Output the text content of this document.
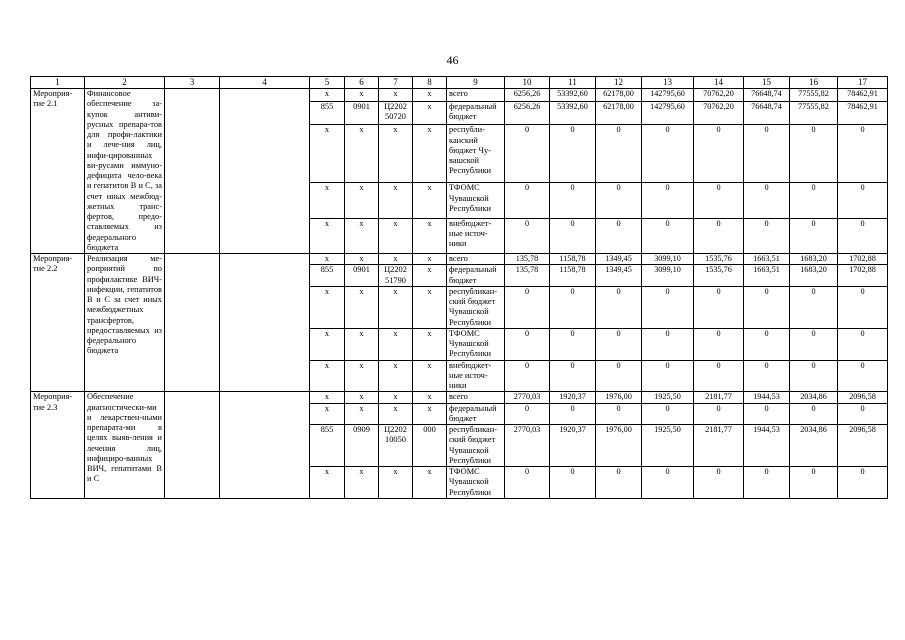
46
1	2	3	4	5	6	7	8	9	10	11	12	13	14	15	16	17
Мероприя-тие 2.1	Финансовое обеспечение за-купок антиви-русных препара-тов для профи-лактики и лече-ния лиц, инфи-цированных ви-русами иммуно-дефицита чело-века и гепатитов В и С, за счет иных межбюд-жетных транс-фертов, предо-ставляемых из федерального бюджета			x	x	x	x	всего	6256,26	53392,60	62178,00	142795,60	70762,20	76648,74	77555,82	78462,91
				855	0901	Ц2202 50720	x	федеральный бюджет	6256,26	53392,60	62178,00	142795,60	70762,20	76648,74	77555,82	78462,91
				x	x	x	x	республи-канский бюджет Чу-вашской Республики	0	0	0	0	0	0	0	0
				x	x	x	x	ТФОМС Чувашской Республики	0	0	0	0	0	0	0	0
				x	x	x	x	внебюджет-ные источ-ники	0	0	0	0	0	0	0	0
Мероприя-тие 2.2	Реализация ме-роприятий по профилактике ВИЧ-инфекции, гепатитов В и С за счет иных межбюджетных трансфертов, предоставляемых из федерального бюджета			x	x	x	x	всего	135,78	1158,78	1349,45	3099,10	1535,76	1663,51	1683,20	1702,88
				855	0901	Ц2202 51790	x	федеральный бюджет	135,78	1158,78	1349,45	3099,10	1535,76	1663,51	1683,20	1702,88
				x	x	x	x	республикан-ский бюджет Чувашской Республики	0	0	0	0	0	0	0	0
				x	x	x	x	ТФОМС Чувашской Республики	0	0	0	0	0	0	0	0
				x	x	x	x	внебюджет-ные источ-ники	0	0	0	0	0	0	0	0
Мероприя-тие 2.3	Обеспечение диагностически-ми и лекарствен-ными препарата-ми в целях выяв-ления и лечения лиц, инфициро-ванных ВИЧ, гепатитами В и С			x	x	x	x	всего	2770,03	1920,37	1976,00	1925,50	2181,77	1944,53	2034,86	2096,58
				x	x	x	x	федеральный бюджет	0	0	0	0	0	0	0	0
				855	0909	Ц2202 10050	000	республикан-ский бюджет Чувашской Республики	2770,03	1920,37	1976,00	1925,50	2181,77	1944,53	2034,86	2096,58
				x	x	x	x	ТФОМС Чувашской Республики	0	0	0	0	0	0	0	0
